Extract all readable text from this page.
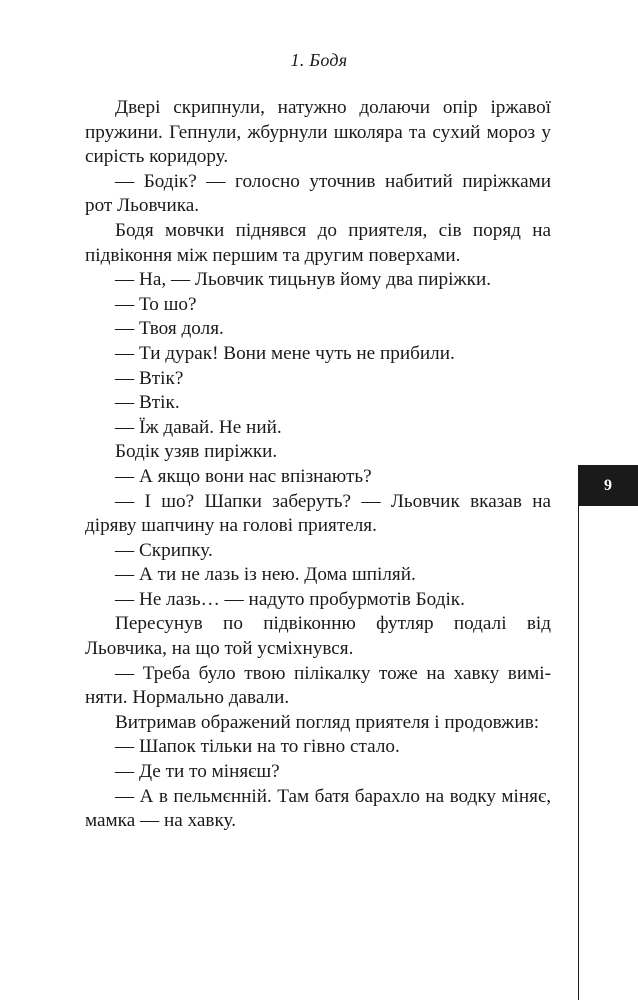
1. Бодя

Двері скрипнули, натужно долаючи опір іржавої пружини. Гепнули, жбурнули школяра та сухий мороз у сирість коридору.

— Бодік? — голосно уточнив набитий пиріжками рот Льовчика.

Бодя мовчки піднявся до приятеля, сів поряд на підвіконня між першим та другим поверхами.

— На, — Льовчик тицьнув йому два пиріжки.

— То шо?

— Твоя доля.

— Ти дурак! Вони мене чуть не прибили.

— Втік?

— Втік.

— Їж давай. Не ний.

Бодік узяв пиріжки.

— А якщо вони нас впізнають?

— І шо? Шапки заберуть? — Льовчик вказав на діряву шапчину на голові приятеля.

— Скрипку.

— А ти не лазь із нею. Дома шпіляй.

— Не лазь… — надуто пробурмотів Бодік.

Пересунув по підвіконню футляр подалі від Льовчика, на що той усміхнувся.

— Треба було твою пілікалку тоже на хавку виміняти. Нормально давали.

Витримав ображений погляд приятеля і продовжив:

— Шапок тільки на то гівно стало.

— Де ти то міняєш?

— А в пельмєнній. Там батя барахло на водку міняє, мамка — на хавку.

9
